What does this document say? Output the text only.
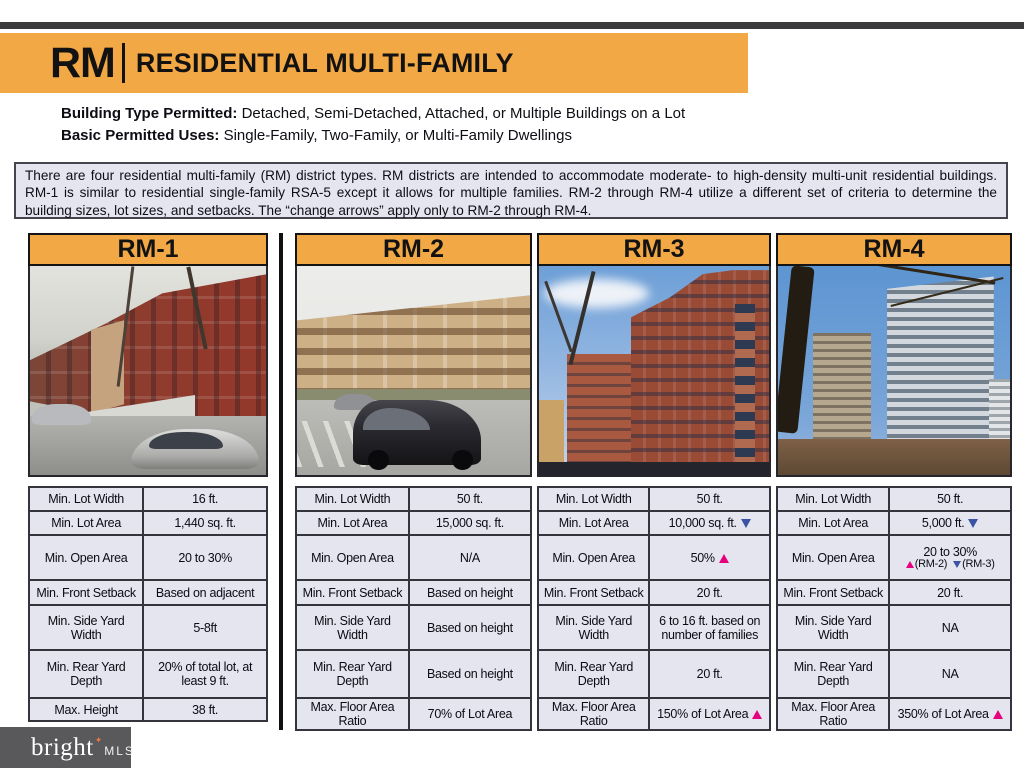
RM RESIDENTIAL MULTI-FAMILY

Building Type Permitted: Detached, Semi-Detached, Attached, or Multiple Buildings on a Lot

Basic Permitted Uses: Single-Family, Two-Family, or Multi-Family Dwellings

There are four residential multi-family (RM) district types. RM districts are intended to accommodate moderate- to high-density multi-unit residential buildings. RM-1 is similar to residential single-family RSA-5 except it allows for multiple families. RM-2 through RM-4 utilize a different set of criteria to determine the building sizes, lot sizes, and setbacks. The “change arrows” apply only to RM-2 through RM-4.
RM-1
Min. Lot Width	16 ft.
Min. Lot Area	1,440 sq. ft.
Min. Open Area	20 to 30%
Min. Front Setback	Based on adjacent
Min. Side Yard Width	5-8ft
Min. Rear Yard Depth	20% of total lot, at least 9 ft.
Max. Height	38 ft.
RM-2
Min. Lot Width	50 ft.
Min. Lot Area	15,000 sq. ft.
Min. Open Area	N/A
Min. Front Setback	Based on height
Min. Side Yard Width	Based on height
Min. Rear Yard Depth	Based on height
Max. Floor Area Ratio	70% of Lot Area
RM-3
Min. Lot Width	50 ft.
Min. Lot Area	10,000 sq. ft.
Min. Open Area	50%
Min. Front Setback	20 ft.
Min. Side Yard Width	6 to 16 ft. based on number of families
Min. Rear Yard Depth	20 ft.
Max. Floor Area Ratio	150% of Lot Area
RM-4
Min. Lot Width	50 ft.
Min. Lot Area	5,000 ft.
Min. Open Area	20 to 30%
(RM-2) (RM-3)

Min. Front Setback	20 ft.
Min. Side Yard Width	NA
Min. Rear Yard Depth	NA
Max. Floor Area Ratio	350% of Lot Area
bright ✦
MLS
